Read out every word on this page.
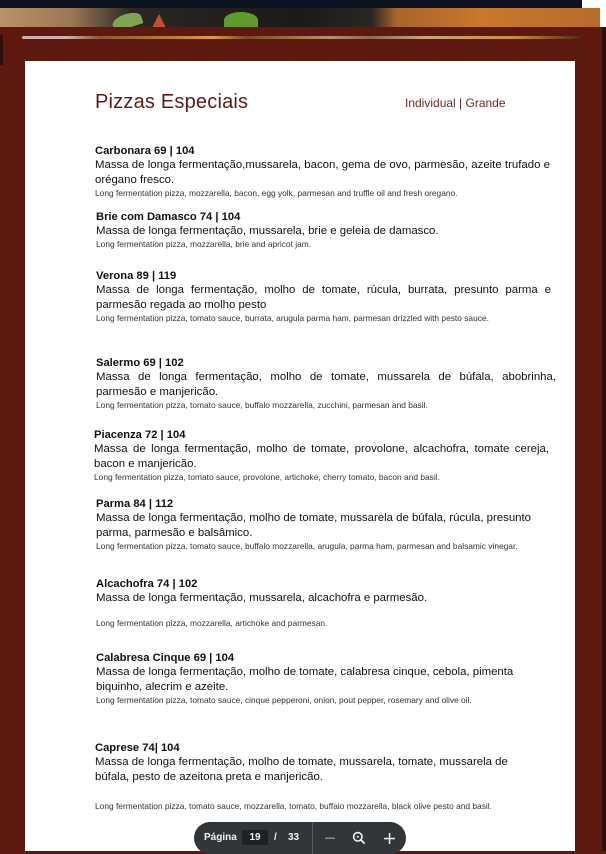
Pizzas Especiais	Individual | Grande
Carbonara 69 | 104
Massa de longa fermentação,mussarela, bacon, gema de ovo, parmesão, azeite trufado e orégano fresco.
Long fermentation pizza, mozzarella, bacon, egg yolk, parmesan and truffle oil and fresh oregano.
Brie com Damasco 74 | 104
Massa de longa fermentação, mussarela, brie e geleia de damasco.
Long fermentation pizza, mozzarella, brie and apricot jam.
Verona 89 | 119
Massa de longa fermentação, molho de tomate, rúcula, burrata, presunto parma e parmesão regada ao molho pesto
Long fermentation pizza, tomato sauce, burrata, arugula parma ham, parmesan drizzled with pesto sauce.
Salermo 69 | 102
Massa de longa fermentação, molho de tomate, mussarela de búfala, abobrinha, parmesão e manjericão.
Long fermentation pizza, tomato sauce, buffalo mozzarella, zucchini, parmesan and basil.
Piacenza 72 | 104
Massa de longa fermentação, molho de tomate, provolone, alcachofra, tomate cereja, bacon e manjericão.
Long fermentation pizza, tomato sauce, provolone, artichoke, cherry tomato, bacon and basil.
Parma 84 | 112
Massa de longa fermentação, molho de tomate, mussarela de búfala, rúcula, presunto parma, parmesão e balsâmico.
Long fermentation pizza, tomato sauce, buffalo mozzarella, arugula, parma ham, parmesan and balsamic vinegar.
Alcachofra 74 | 102
Massa de longa fermentação, mussarela, alcachofra e parmesão.
Long fermentation pizza, mozzarella, artichoke and parmesan.
Calabresa Cinque 69 | 104
Massa de longa fermentação, molho de tomate, calabresa cinque, cebola, pimenta biquinho, alecrim e azeite.
Long fermentation pizza, tomato sauce, cinque pepperoni, onion, pout pepper, rosemary and olive oil.
Caprese 74| 104
Massa de longa fermentação, molho de tomate, mussarela, tomate, mussarela de búfala, pesto de azeitona preta e manjericão.
Long fermentation pizza, tomato sauce, mozzarella, tomato, buffalo mozzarella, black olive pesto and basil.
Página	19	/ 33
